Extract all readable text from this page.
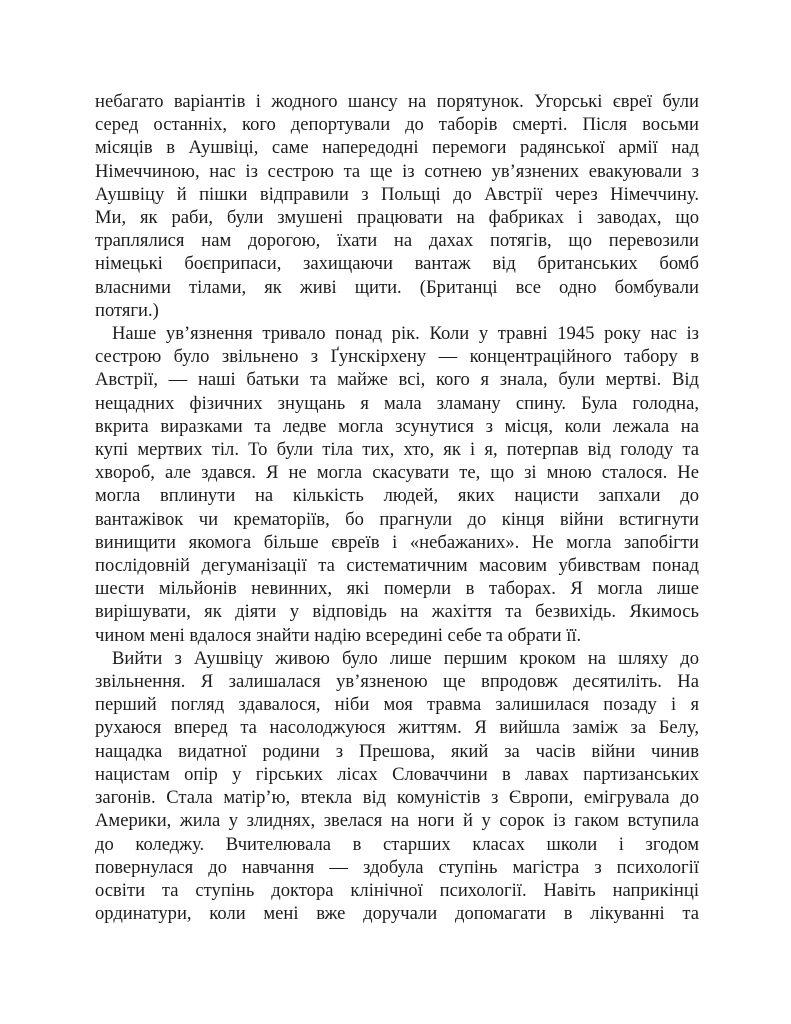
небагато варіантів і жодного шансу на порятунок. Угорські євреї були
серед останніх, кого депортували до таборів смерті. Після восьми
місяців в Аушвіці, саме напередодні перемоги радянської армії над
Німеччиною, нас із сестрою та ще із сотнею ув’язнених евакуювали з
Аушвіцу й пішки відправили з Польщі до Австрії через Німеччину.
Ми, як раби, були змушені працювати на фабриках і заводах, що
траплялися нам дорогою, їхати на дахах потягів, що перевозили
німецькі боєприпаси, захищаючи вантаж від британських бомб
власними тілами, як живі щити. (Британці все одно бомбували
потяги.)
Наше ув’язнення тривало понад рік. Коли у травні 1945 року нас із
сестрою було звільнено з Ґунскірхену — концентраційного табору в
Австрії, — наші батьки та майже всі, кого я знала, були мертві. Від
нещадних фізичних знущань я мала зламану спину. Була голодна,
вкрита виразками та ледве могла зсунутися з місця, коли лежала на
купі мертвих тіл. То були тіла тих, хто, як і я, потерпав від голоду та
хвороб, але здався. Я не могла скасувати те, що зі мною сталося. Не
могла вплинути на кількість людей, яких нацисти запхали до
вантажівок чи крематоріїв, бо прагнули до кінця війни встигнути
винищити якомога більше євреїв і «небажаних». Не могла запобігти
послідовній дегуманізації та систематичним масовим убивствам понад
шести мільйонів невинних, які померли в таборах. Я могла лише
вирішувати, як діяти у відповідь на жахіття та безвихідь. Якимось
чином мені вдалося знайти надію всередині себе та обрати її.
Вийти з Аушвіцу живою було лише першим кроком на шляху до
звільнення. Я залишалася ув’язненою ще впродовж десятиліть. На
перший погляд здавалося, ніби моя травма залишилася позаду і я
рухаюся вперед та насолоджуюся життям. Я вийшла заміж за Белу,
нащадка видатної родини з Прешова, який за часів війни чинив
нацистам опір у гірських лісах Словаччини в лавах партизанських
загонів. Стала матір’ю, втекла від комуністів з Європи, емігрувала до
Америки, жила у злиднях, звелася на ноги й у сорок із гаком вступила
до коледжу. Вчителювала в старших класах школи і згодом
повернулася до навчання — здобула ступінь магістра з психології
освіти та ступінь доктора клінічної психології. Навіть наприкінці
ординатури, коли мені вже доручали допомагати в лікуванні та
